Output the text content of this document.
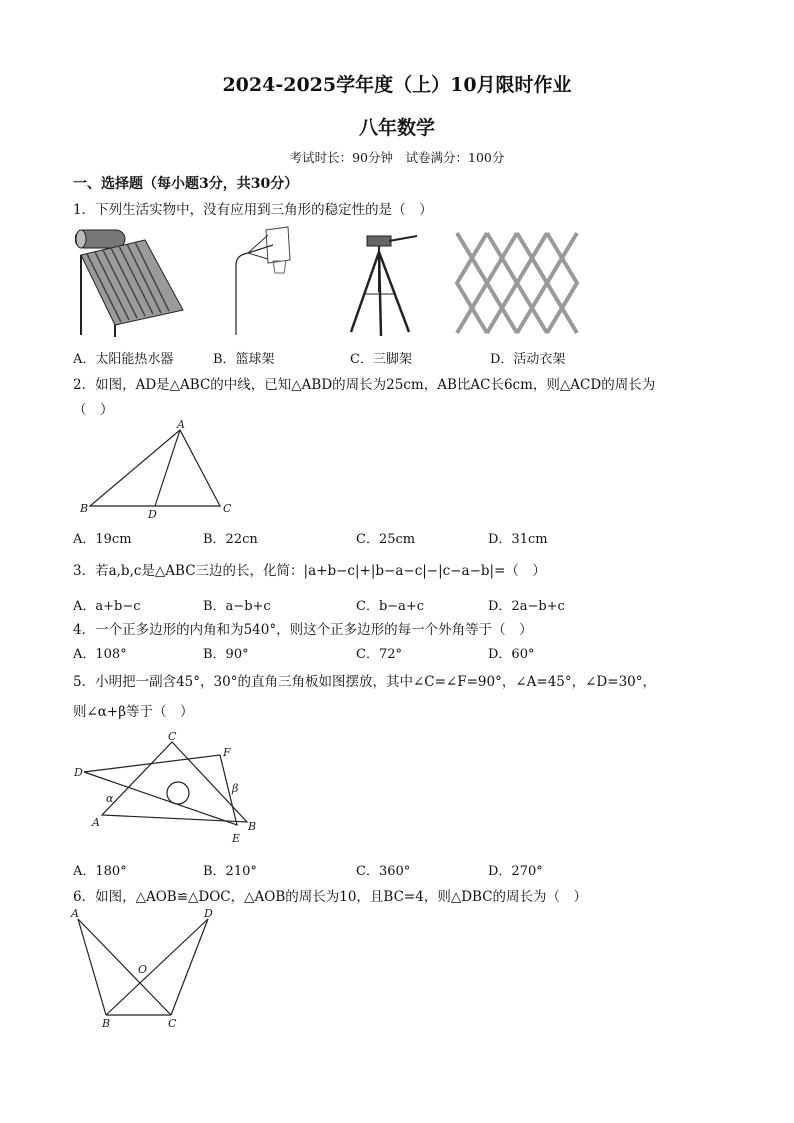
2024-2025学年度（上）10月限时作业
八年数学
考试时长：90分钟　试卷满分：100分
一、选择题（每小题3分，共30分）
1．下列生活实物中，没有应用到三角形的稳定性的是（　）
A．太阳能热水器	B．篮球架	C．三脚架	D．活动衣架
2．如图，AD是△ABC的中线，已知△ABD的周长为25cm，AB比AC长6cm，则△ACD的周长为
（　）
A
B	D	C
A．19cm	B．22cn	C．25cm	D．31cm
3．若a,b,c是△ABC三边的长，化简：|a+b−c|+|b−a−c|−|c−a−b|=（　）
A．a+b−c	B．a−b+c	C．b−a+c	D．2a−b+c
4．一个正多边形的内角和为540°，则这个正多边形的每一个外角等于（　）
A．108°	B．90°	C．72°	D．60°
5．小明把一副含45°，30°的直角三角板如图摆放，其中∠C=∠F=90°，∠A=45°，∠D=30°，
则∠α+β等于（　）
C
F
D
α
β
A	B
E
A．180°	B．210°	C．360°	D．270°
6．如图，△AOB≌△DOC，△AOB的周长为10，且BC=4，则△DBC的周长为（　）
A	D
O
B	C
